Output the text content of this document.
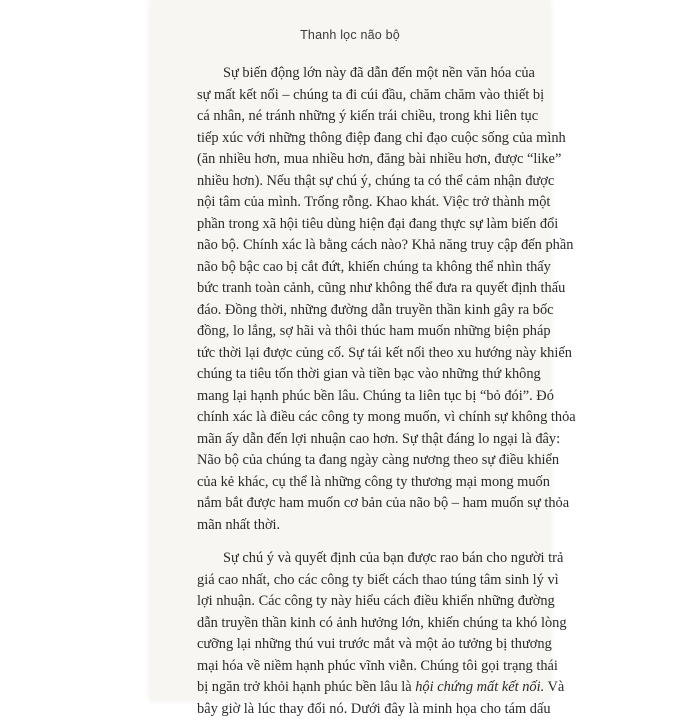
Thanh lọc não bộ
Sự biến động lớn này đã dẫn đến một nền văn hóa của
sự mất kết nối – chúng ta đi cúi đầu, chăm chăm vào thiết bị
cá nhân, né tránh những ý kiến trái chiều, trong khi liên tục
tiếp xúc với những thông điệp đang chỉ đạo cuộc sống của mình
(ăn nhiều hơn, mua nhiều hơn, đăng bài nhiều hơn, được “like”
nhiều hơn). Nếu thật sự chú ý, chúng ta có thể cảm nhận được
nội tâm của mình. Trống rỗng. Khao khát. Việc trở thành một
phần trong xã hội tiêu dùng hiện đại đang thực sự làm biến đổi
não bộ. Chính xác là bằng cách nào? Khả năng truy cập đến phần
não bộ bậc cao bị cắt đứt, khiến chúng ta không thể nhìn thấy
bức tranh toàn cảnh, cũng như không thể đưa ra quyết định thấu
đáo. Đồng thời, những đường dẫn truyền thần kinh gây ra bốc
đồng, lo lắng, sợ hãi và thôi thúc ham muốn những biện pháp
tức thời lại được củng cố. Sự tái kết nối theo xu hướng này khiến
chúng ta tiêu tốn thời gian và tiền bạc vào những thứ không
mang lại hạnh phúc bền lâu. Chúng ta liên tục bị “bỏ đói”. Đó
chính xác là điều các công ty mong muốn, vì chính sự không thỏa
mãn ấy dẫn đến lợi nhuận cao hơn. Sự thật đáng lo ngại là đây:
Não bộ của chúng ta đang ngày càng nương theo sự điều khiển
của kẻ khác, cụ thể là những công ty thương mại mong muốn
nắm bắt được ham muốn cơ bản của não bộ – ham muốn sự thỏa
mãn nhất thời.
Sự chú ý và quyết định của bạn được rao bán cho người trả
giá cao nhất, cho các công ty biết cách thao túng tâm sinh lý vì
lợi nhuận. Các công ty này hiểu cách điều khiển những đường
dẫn truyền thần kinh có ảnh hưởng lớn, khiến chúng ta khó lòng
cưỡng lại những thú vui trước mắt và một ảo tưởng bị thương
mại hóa về niềm hạnh phúc vĩnh viễn. Chúng tôi gọi trạng thái
bị ngăn trở khỏi hạnh phúc bền lâu là hội chứng mất kết nối. Và
bây giờ là lúc thay đổi nó. Dưới đây là minh họa cho tám dấu
